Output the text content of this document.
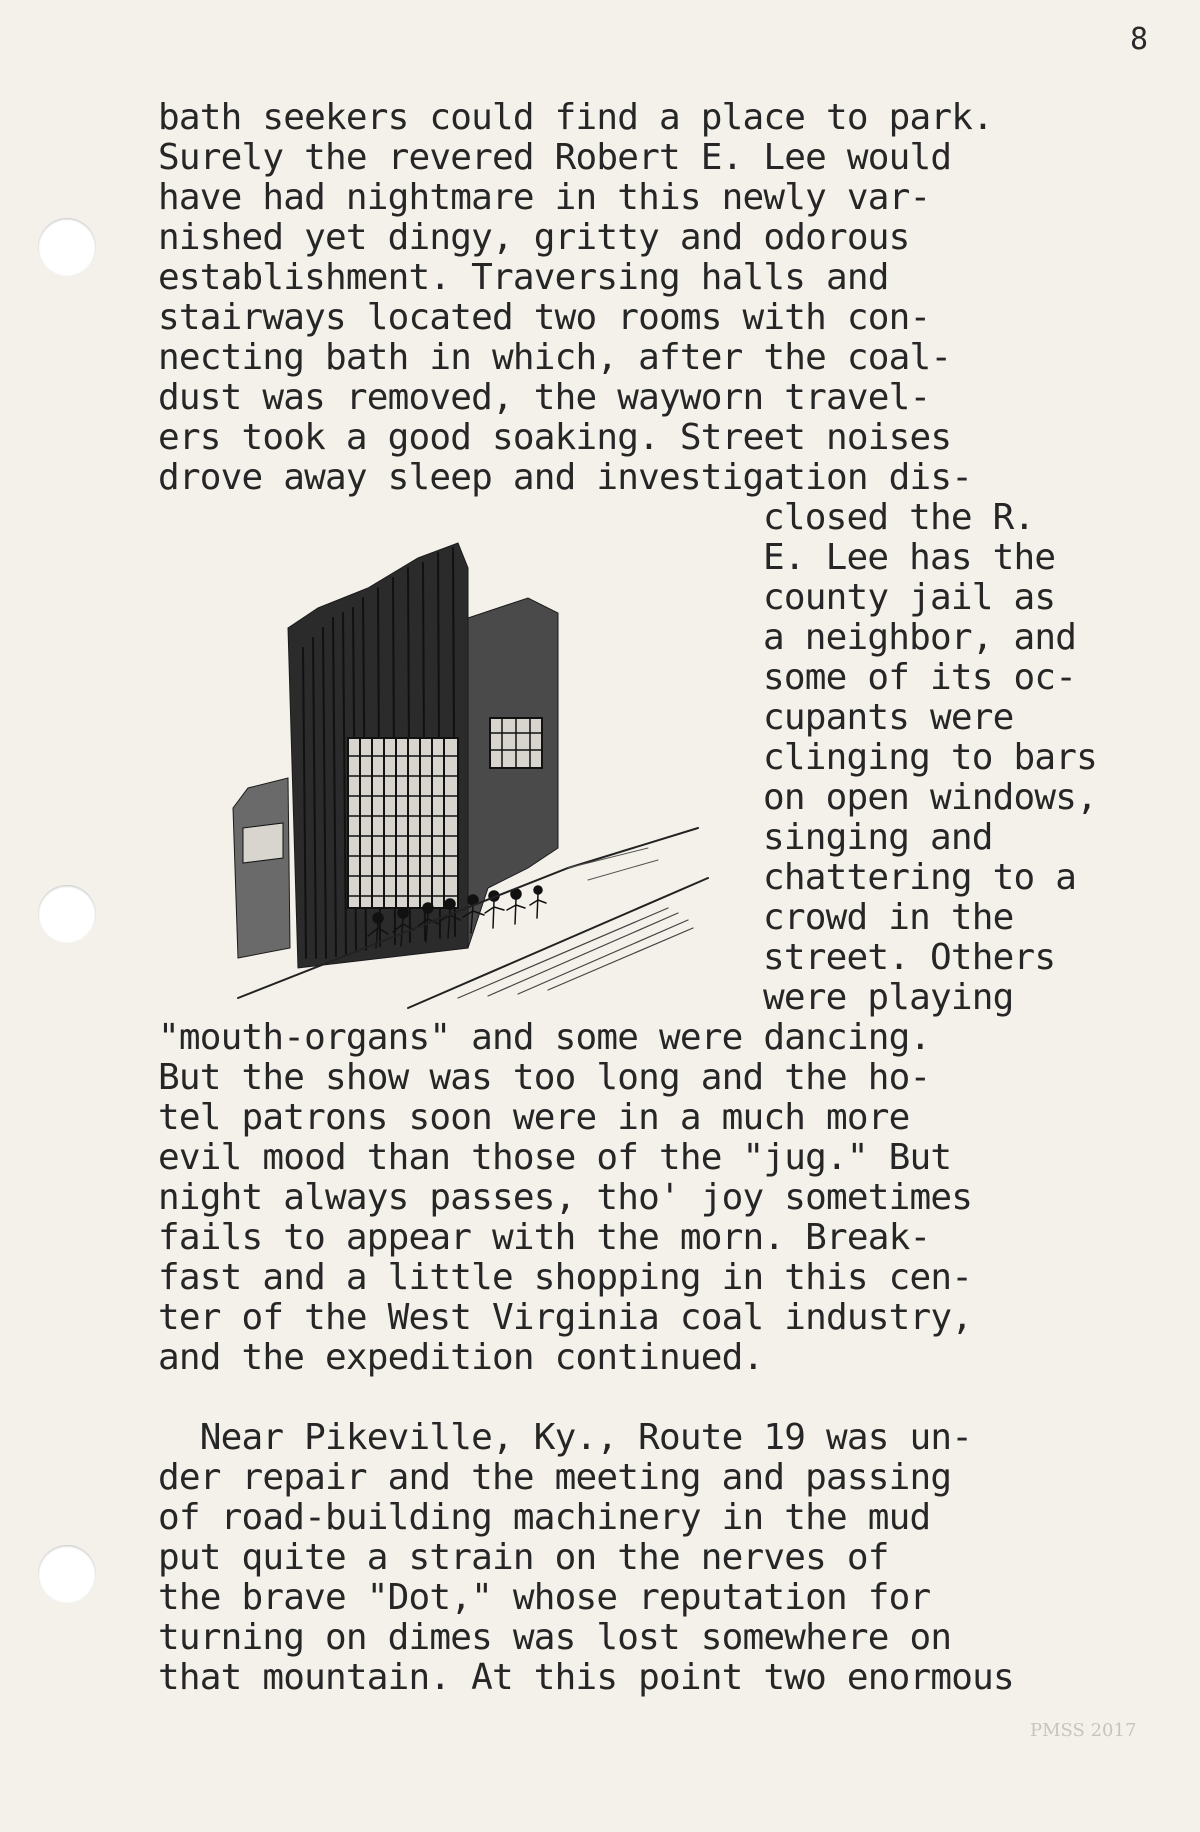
8

bath seekers could find a place to park.

Surely the revered Robert E. Lee would

have had nightmare in this newly var-

nished yet dingy, gritty and odorous

establishment. Traversing halls and

stairways located two rooms with con-

necting bath in which, after the coal-

dust was removed, the wayworn travel-

ers took a good soaking. Street noises

drove away sleep and investigation dis-

closed the R.

E. Lee has the

county jail as

a neighbor, and

some of its oc-

cupants were

clinging to bars

on open windows,

singing and

chattering to a

crowd in the

street. Others

were playing

"mouth-organs" and some were dancing.

But the show was too long and the ho-

tel patrons soon were in a much more

evil mood than those of the "jug." But

night always passes, tho' joy sometimes

fails to appear with the morn. Break-

fast and a little shopping in this cen-

ter of the West Virginia coal industry,

and the expedition continued.

Near Pikeville, Ky., Route 19 was un-

der repair and the meeting and passing

of road-building machinery in the mud

put quite a strain on the nerves of

the brave "Dot," whose reputation for

turning on dimes was lost somewhere on

that mountain. At this point two enormous

PMSS 2017
